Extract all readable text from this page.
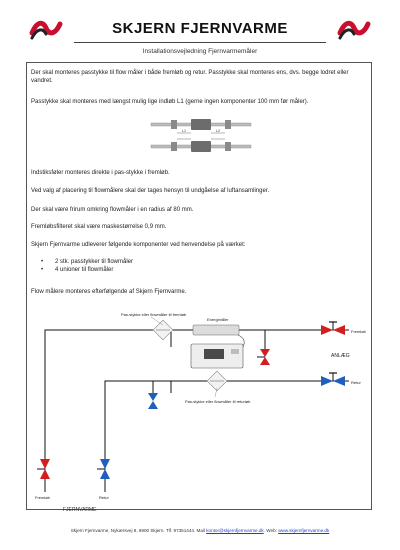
SKJERN FJERNVARME
Installationsvejledning Fjernvarmemåler
Der skal monteres passtykke til flow måler i både fremløb og retur. Passtykke skal monteres ens, dvs. begge lodret eller vandret.
Passtykke skal monteres med længst mulig lige indløb L1 (gerne ingen komponenter 100 mm før måler).
L1	L2
Indstiksføler monteres direkte i pas-stykke i fremløb.
Ved valg af placering til flowmålere skal der tages hensyn til undgåelse af luftansamlinger.
Der skal være frirum omkring flowmåler i en radius af 80 mm.
Fremløbsfilteret skal være maskestørrelse 0,9 mm.
Skjern Fjernvarme udleverer følgende komponenter ved henvendelse på værket:
• 2 stk. passtykker til flowmåler
• 4 unioner til flowmåler
Flow målere monteres efterfølgende af Skjern Fjernvarme.
Pas-stykke eller flowmåler til fremløb
Energimåler
Fremløb
ANLÆG
Retur
Pas-stykke eller flowmåler til returløb
Fremløb	Retur
FJERNVARME
Skjern Fjernvarme, Nykærsvej 8, 6900 Skjern. Tlf. 97351444. Mail kontor@skjernfjernvarme.dk. Web: www.skjernfjernvarme.dk
